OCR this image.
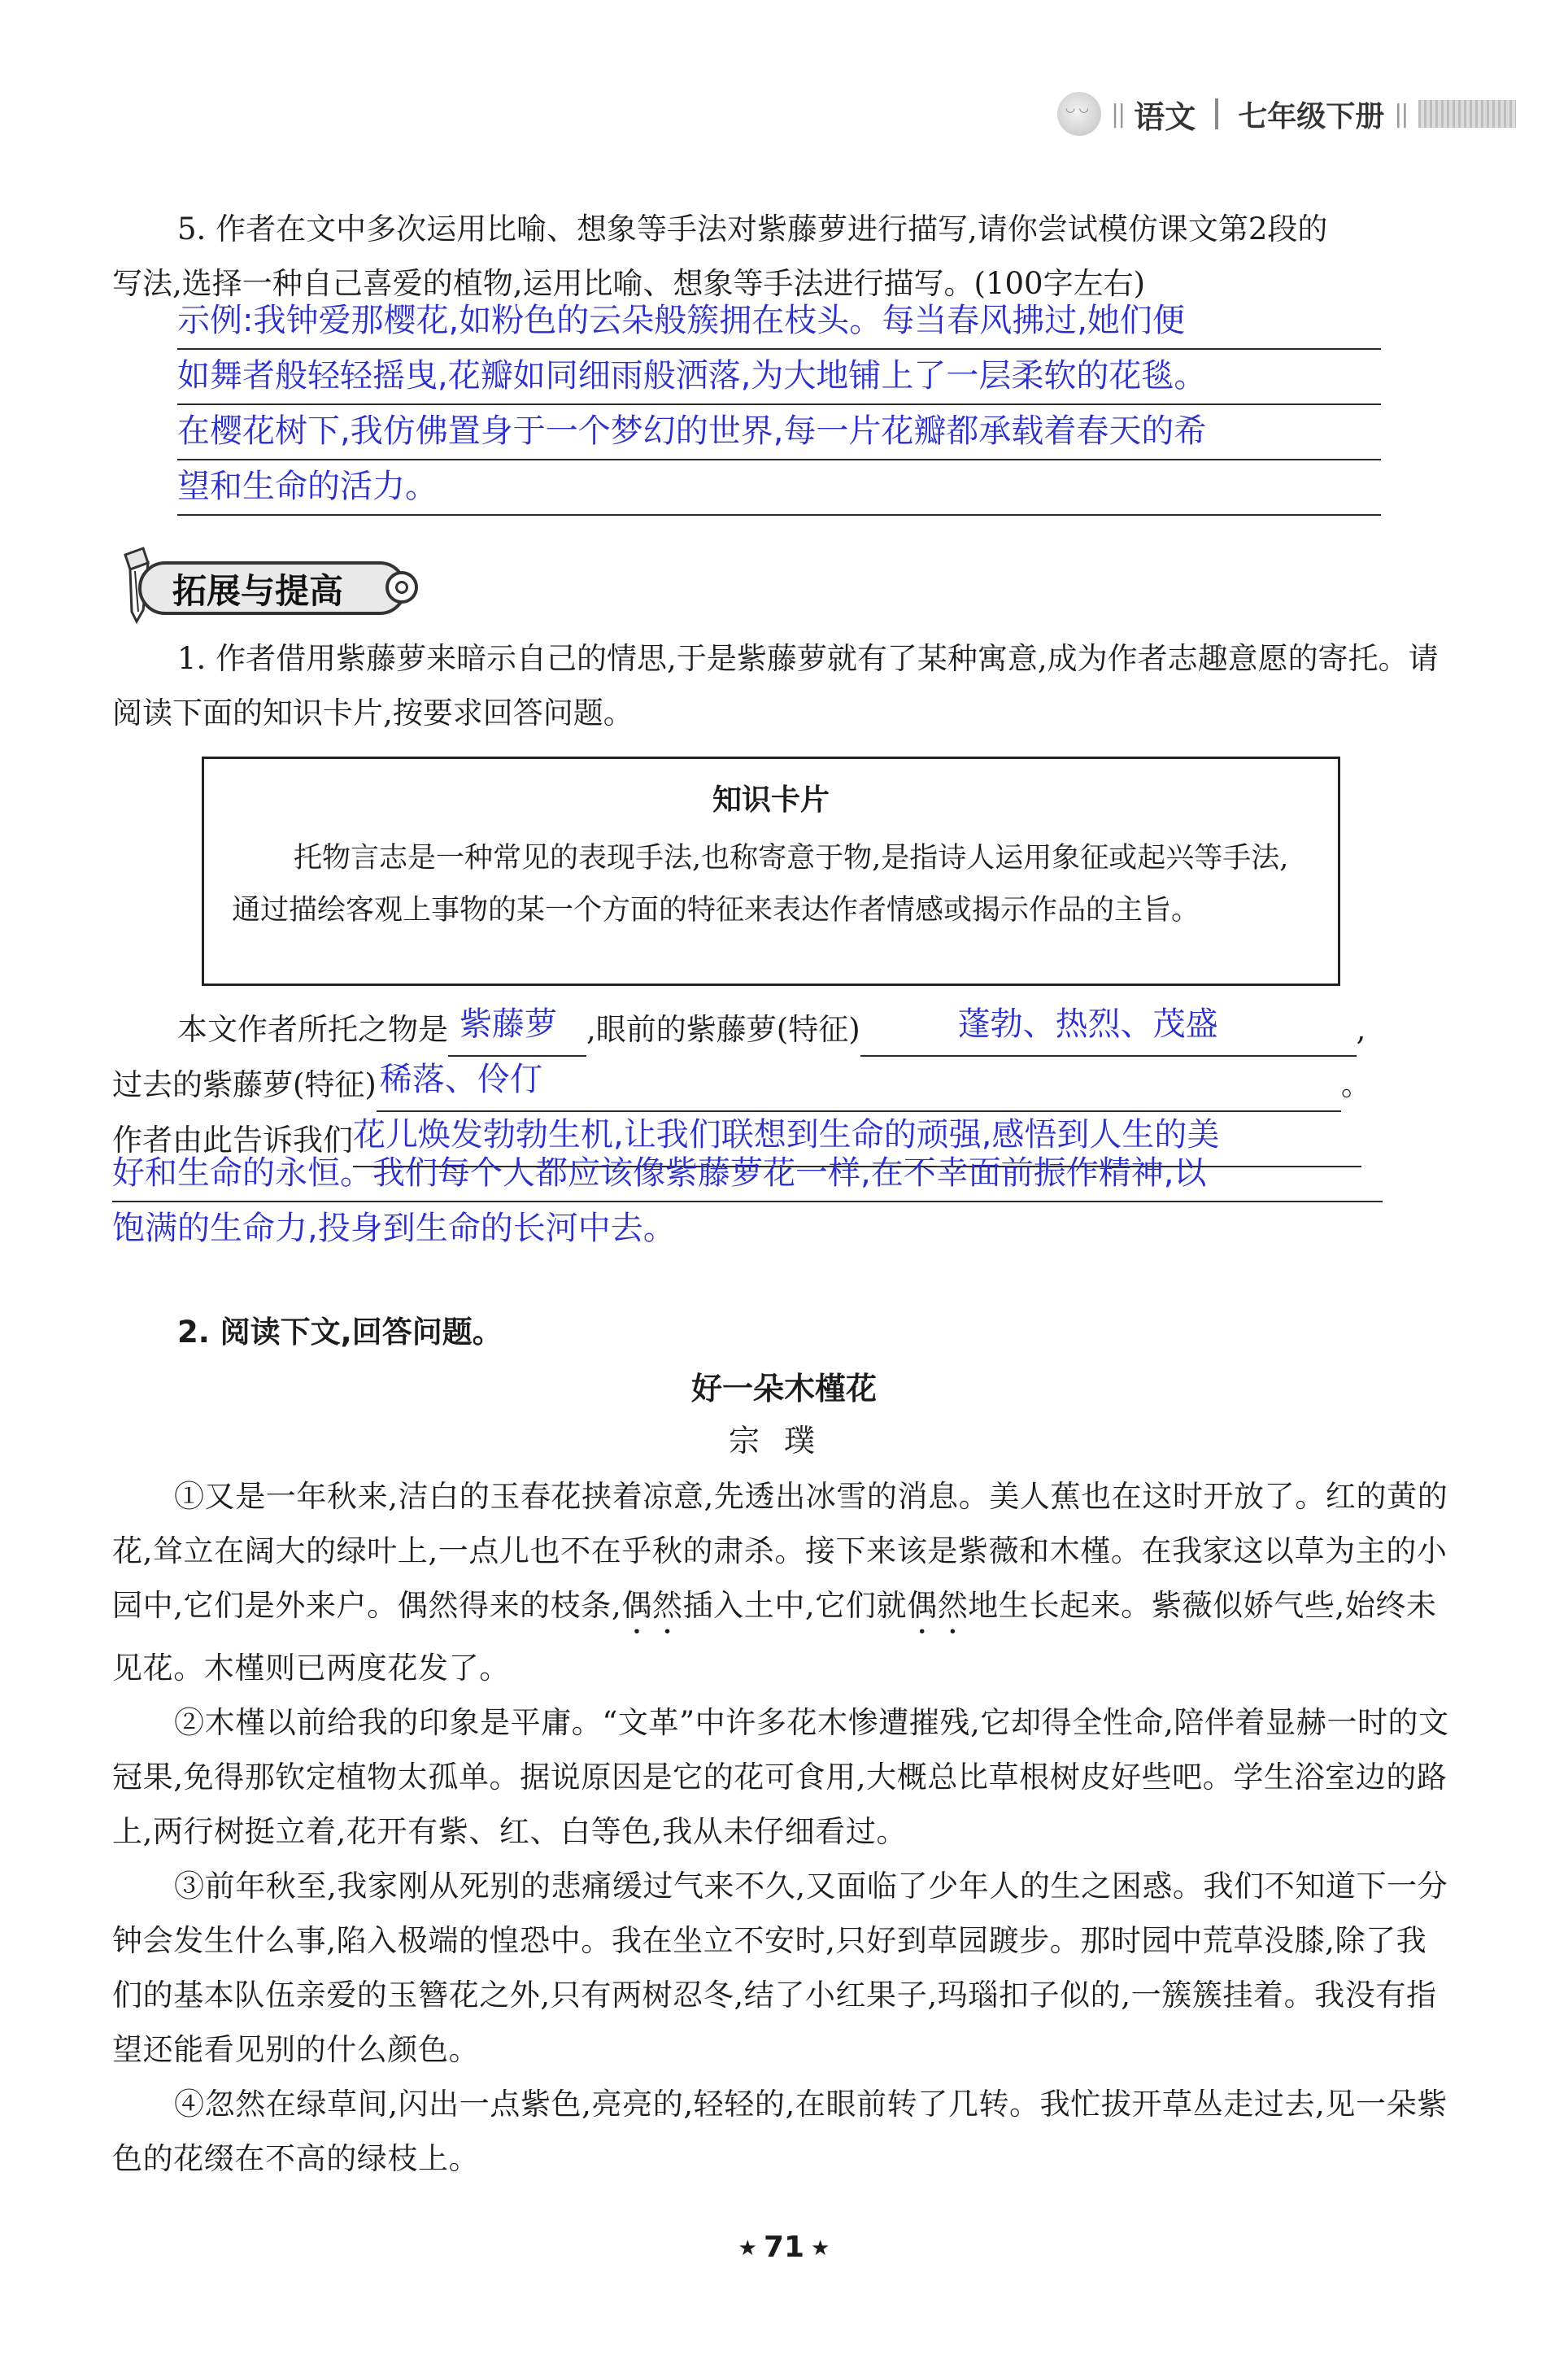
◡ ◡
|| 语文 七年级下册 ||

5. 作者在文中多次运用比喻、想象等手法对紫藤萝进行描写,请你尝试模仿课文第2段的

写法,选择一种自己喜爱的植物,运用比喻、想象等手法进行描写。(100字左右)

示例:我钟爱那樱花,如粉色的云朵般簇拥在枝头。每当春风拂过,她们便
如舞者般轻轻摇曳,花瓣如同细雨般洒落,为大地铺上了一层柔软的花毯。
在樱花树下,我仿佛置身于一个梦幻的世界,每一片花瓣都承载着春天的希
望和生命的活力。
拓展与提高

1. 作者借用紫藤萝来暗示自己的情思,于是紫藤萝就有了某种寓意,成为作者志趣意愿的寄托。请阅读下面的知识卡片,按要求回答问题。

知识卡片
托物言志是一种常见的表现手法,也称寄意于物,是指诗人运用象征或起兴等手法,通过描绘客观上事物的某一个方面的特征来表达作者情感或揭示作品的主旨。
本文作者所托之物是 紫藤萝 ,眼前的紫藤萝(特征)	蓬勃、热烈、茂盛	,
过去的紫藤萝(特征) 稀落、伶仃	。
作者由此告诉我们 花儿焕发勃勃生机,让我们联想到生命的顽强,感悟到人生的美
好和生命的永恒。我们每个人都应该像紫藤萝花一样,在不幸面前振作精神,以
饱满的生命力,投身到生命的长河中去。

2. 阅读下文,回答问题。

好一朵木槿花
宗璞

①又是一年秋来,洁白的玉春花挟着凉意,先透出冰雪的消息。美人蕉也在这时开放了。红的黄的花,耸立在阔大的绿叶上,一点儿也不在乎秋的肃杀。接下来该是紫薇和木槿。在我家这以草为主的小园中,它们是外来户。偶然得来的枝条,偶然插入土中,它们就偶然地生长起来。紫薇似娇气些,始终未见花。木槿则已两度花发了。

②木槿以前给我的印象是平庸。“文革”中许多花木惨遭摧残,它却得全性命,陪伴着显赫一时的文冠果,免得那钦定植物太孤单。据说原因是它的花可食用,大概总比草根树皮好些吧。学生浴室边的路上,两行树挺立着,花开有紫、红、白等色,我从未仔细看过。

③前年秋至,我家刚从死别的悲痛缓过气来不久,又面临了少年人的生之困惑。我们不知道下一分钟会发生什么事,陷入极端的惶恐中。我在坐立不安时,只好到草园踱步。那时园中荒草没膝,除了我们的基本队伍亲爱的玉簪花之外,只有两树忍冬,结了小红果子,玛瑙扣子似的,一簇簇挂着。我没有指望还能看见别的什么颜色。

④忽然在绿草间,闪出一点紫色,亮亮的,轻轻的,在眼前转了几转。我忙拔开草丛走过去,见一朵紫色的花缀在不高的绿枝上。

★ 71 ★
